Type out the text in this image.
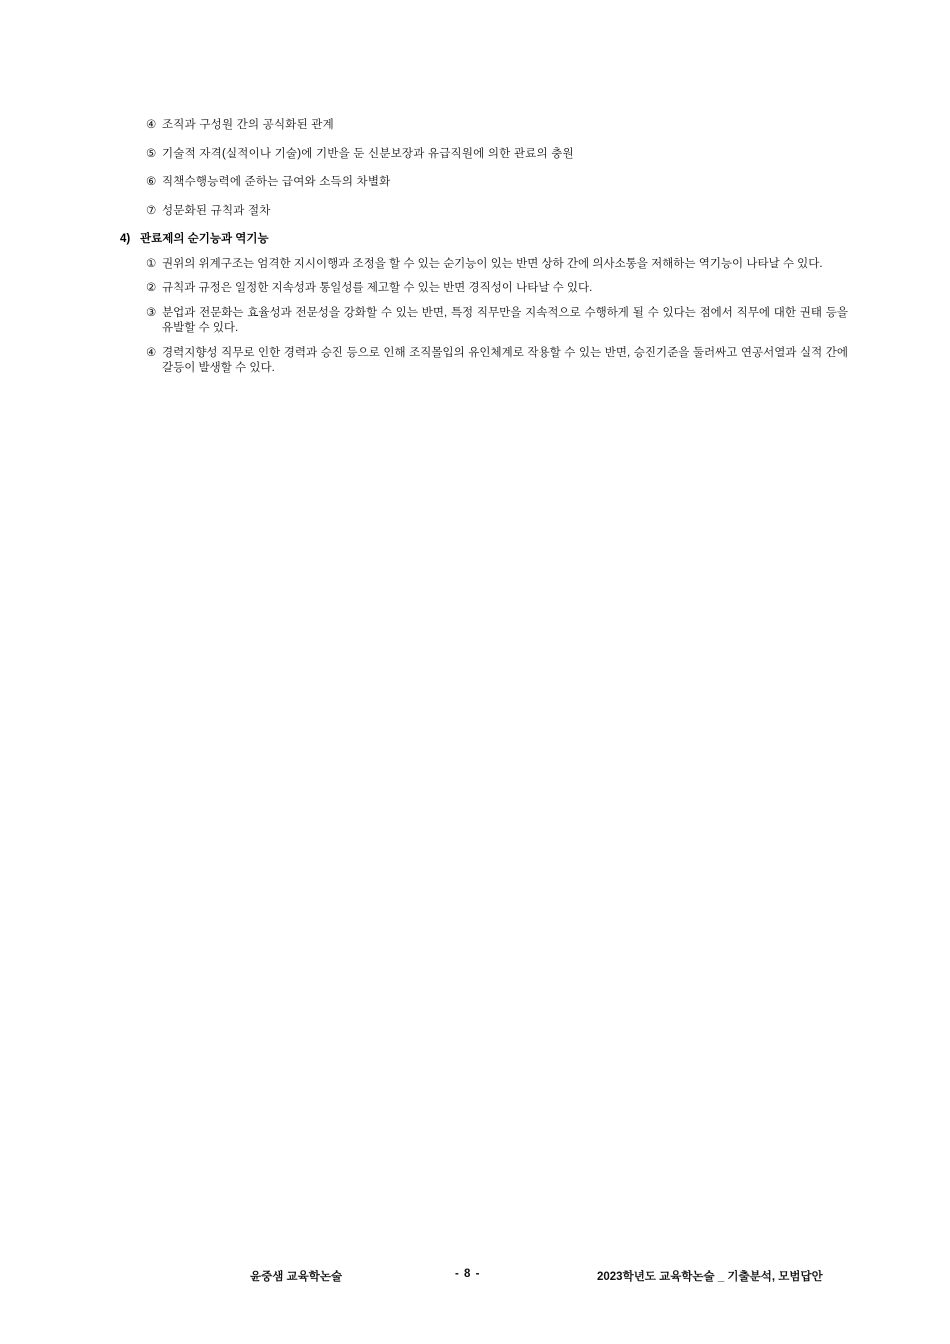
④ 조직과 구성원 간의 공식화된 관계
⑤ 기술적 자격(실적이나 기술)에 기반을 둔 신분보장과 유급직원에 의한 관료의 충원
⑥ 직책수행능력에 준하는 급여와 소득의 차별화
⑦ 성문화된 규칙과 절차
4) 관료제의 순기능과 역기능
① 권위의 위계구조는 엄격한 지시이행과 조정을 할 수 있는 순기능이 있는 반면 상하 간에 의사소통을 저해하는 역기능이 나타날 수 있다.
② 규칙과 규정은 일정한 지속성과 통일성를 제고할 수 있는 반면 경직성이 나타날 수 있다.
③ 분업과 전문화는 효율성과 전문성을 강화할 수 있는 반면, 특정 직무만을 지속적으로 수행하게 될 수 있다는 점에서 직무에 대한 권태 등을 유발할 수 있다.
④ 경력지향성 직무로 인한 경력과 승진 등으로 인해 조직몰입의 유인체계로 작용할 수 있는 반면, 승진기준을 둘러싸고 연공서열과 실적 간에 갈등이 발생할 수 있다.
윤중샘 교육학논술	- 8 -	2023학년도 교육학논술 _ 기출분석, 모범답안
